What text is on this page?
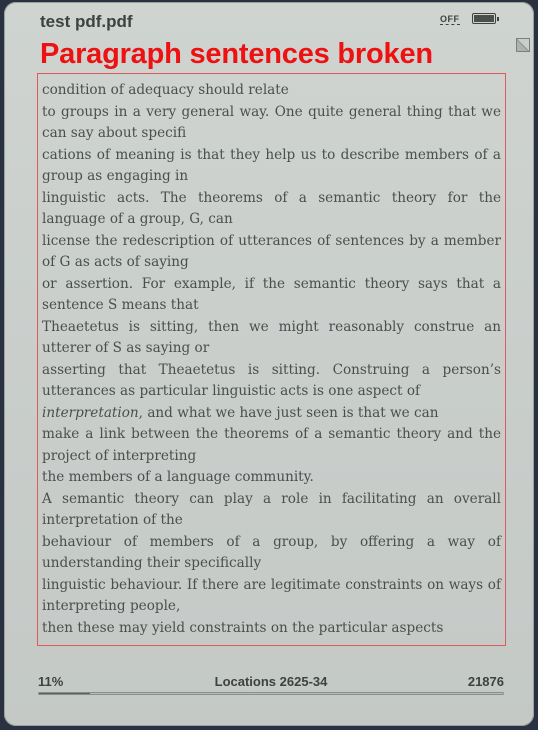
test pdf.pdf	OFF
Paragraph sentences broken

condition of adequacy should relate

to groups in a very general way. One quite general thing that we can say about specifi

cations of meaning is that they help us to describe members of a group as engaging in

linguistic acts. The theorems of a semantic theory for the language of a group, G, can

license the redescription of utterances of sentences by a member of G as acts of saying

or assertion. For example, if the semantic theory says that a sentence S means that

Theaetetus is sitting, then we might reasonably construe an utterer of S as saying or

asserting that Theaetetus is sitting. Construing a person’s utterances as particular linguistic acts is one aspect of

interpretation, and what we have just seen is that we can

make a link between the theorems of a semantic theory and the project of interpreting

the members of a language community.

A semantic theory can play a role in facilitating an overall interpretation of the

behaviour of members of a group, by offering a way of understanding their specifically

linguistic behaviour. If there are legitimate constraints on ways of interpreting people,

then these may yield constraints on the particular aspects

11%	Locations 2625-34	21876
